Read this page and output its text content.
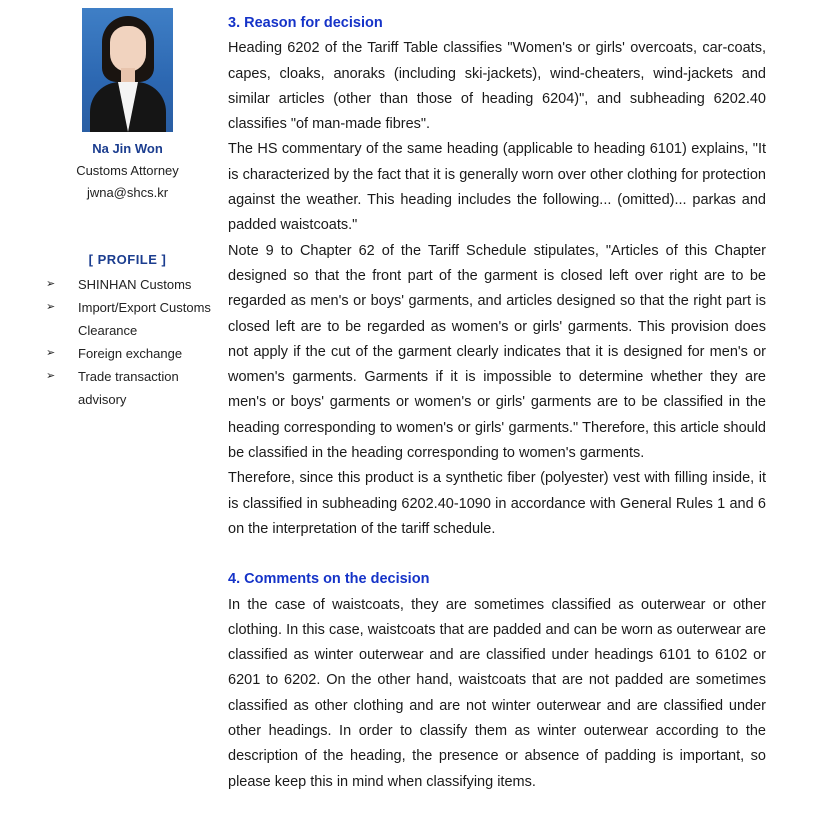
Na Jin Won
Customs Attorney
jwna@shcs.kr
[ PROFILE ]
➢	SHINHAN Customs
➢	Import/Export Customs Clearance
➢	Foreign exchange
➢	Trade transaction advisory
3. Reason for decision

Heading 6202 of the Tariff Table classifies "Women's or girls' overcoats, car-coats, capes, cloaks, anoraks (including ski-jackets), wind-cheaters, wind-jackets and similar articles (other than those of heading 6204)", and subheading 6202.40 classifies "of man-made fibres".

The HS commentary of the same heading (applicable to heading 6101) explains, "It is characterized by the fact that it is generally worn over other clothing for protection against the weather. This heading includes the following... (omitted)... parkas and padded waistcoats."

Note 9 to Chapter 62 of the Tariff Schedule stipulates, "Articles of this Chapter designed so that the front part of the garment is closed left over right are to be regarded as men's or boys' garments, and articles designed so that the right part is closed left are to be regarded as women's or girls' garments. This provision does not apply if the cut of the garment clearly indicates that it is designed for men's or women's garments. Garments if it is impossible to determine whether they are men's or boys' garments or women's or girls' garments are to be classified in the heading corresponding to women's or girls' garments." Therefore, this article should be classified in the heading corresponding to women's garments.

Therefore, since this product is a synthetic fiber (polyester) vest with filling inside, it is classified in subheading 6202.40-1090 in accordance with General Rules 1 and 6 on the interpretation of the tariff schedule.

4. Comments on the decision

In the case of waistcoats, they are sometimes classified as outerwear or other clothing. In this case, waistcoats that are padded and can be worn as outerwear are classified as winter outerwear and are classified under headings 6101 to 6102 or 6201 to 6202. On the other hand, waistcoats that are not padded are sometimes classified as other clothing and are not winter outerwear and are classified under other headings. In order to classify them as winter outerwear according to the description of the heading, the presence or absence of padding is important, so please keep this in mind when classifying items.
